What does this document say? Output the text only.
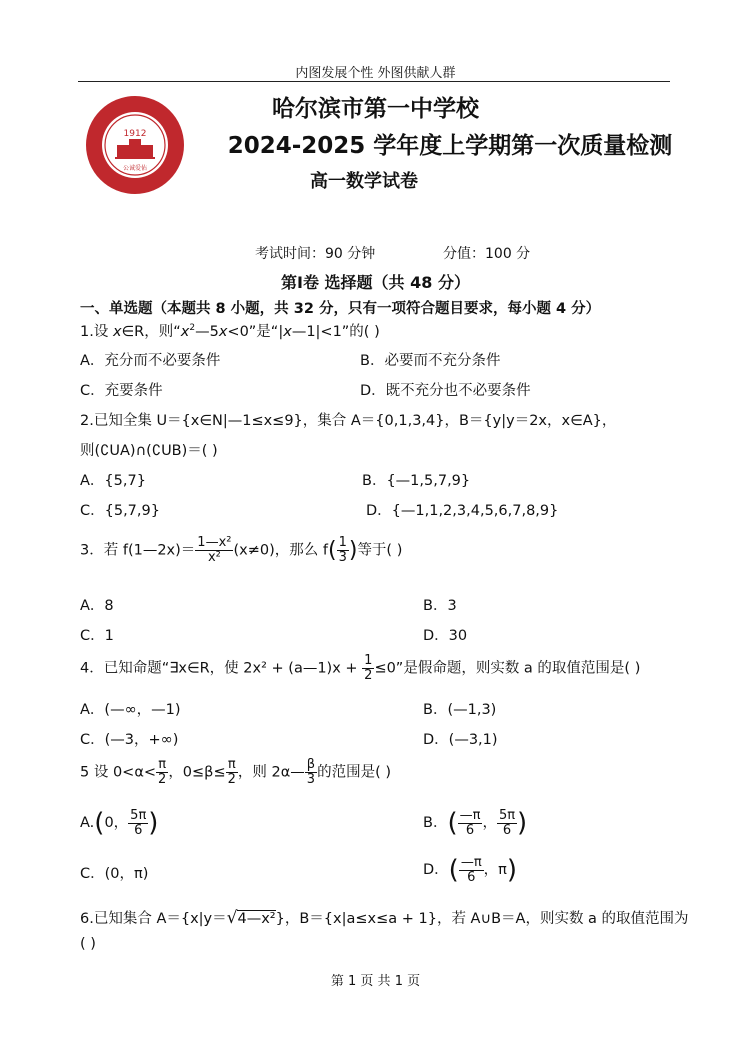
内图发展个性 外图供献人群
1912
公诚爱佑
哈尔滨市第一中学校
2024-2025 学年度上学期第一次质量检测
高一数学试卷
考试时间：90 分钟	分值：100 分
第Ⅰ卷 选择题（共 48 分）
一、单选题（本题共 8 小题，共 32 分，只有一项符合题目要求，每小题 4 分）
1.设 x∈R，则“$x^2—5x<0$”是“|x—1|<1”的( )
A．充分而不必要条件	B．必要而不充分条件
C．充要条件	D．既不充分也不必要条件
2.已知全集 U＝{x∈N|—1≤x≤9}，集合 A＝{0,1,3,4}，B＝{y|y＝2x，x∈A}，
则(∁UA)∩(∁UB)＝( )
A．{5,7}	B．{—1,5,7,9}
C．{5,7,9}	D．{—1,1,2,3,4,5,6,7,8,9}
3．若 f(1—2x)＝ $\frac{\text{1—x²}}{\text{x²}} (x\ne 0)$，那么 $f( \frac{1}{3}$ )等于( )
A．8	B．3
C．1	D．30
4．已知命题“∃x∈R，使 2x² + (a—1)x + $\frac{1}{2} \le 0$”是假命题，则实数 a 的取值范围是( )
A．(—∞，—1)	B．(—1,3)
C．(—3，+∞)	D．(—3,1)
5 设 $0<\alpha< \frac{\pi}{2}$ ，$0\le\beta\le \frac{\pi}{2}$ ，则 2α— $\frac{\beta}{3}$ 的范围是( )
A.(0， $\frac{5\pi}{6}$ )	B．( $\frac{—\pi}{6}$ ， $\frac{5\pi}{6}$ )
C．(0，π)	D．( $\frac{—\pi}{6}$ ，π)
6.已知集合 A＝{x|y＝√4—x²}，B＝{x|a≤x≤a + 1}，若 A∪B＝A，则实数 a 的取值范围为
( )
第 1 页 共 1 页
